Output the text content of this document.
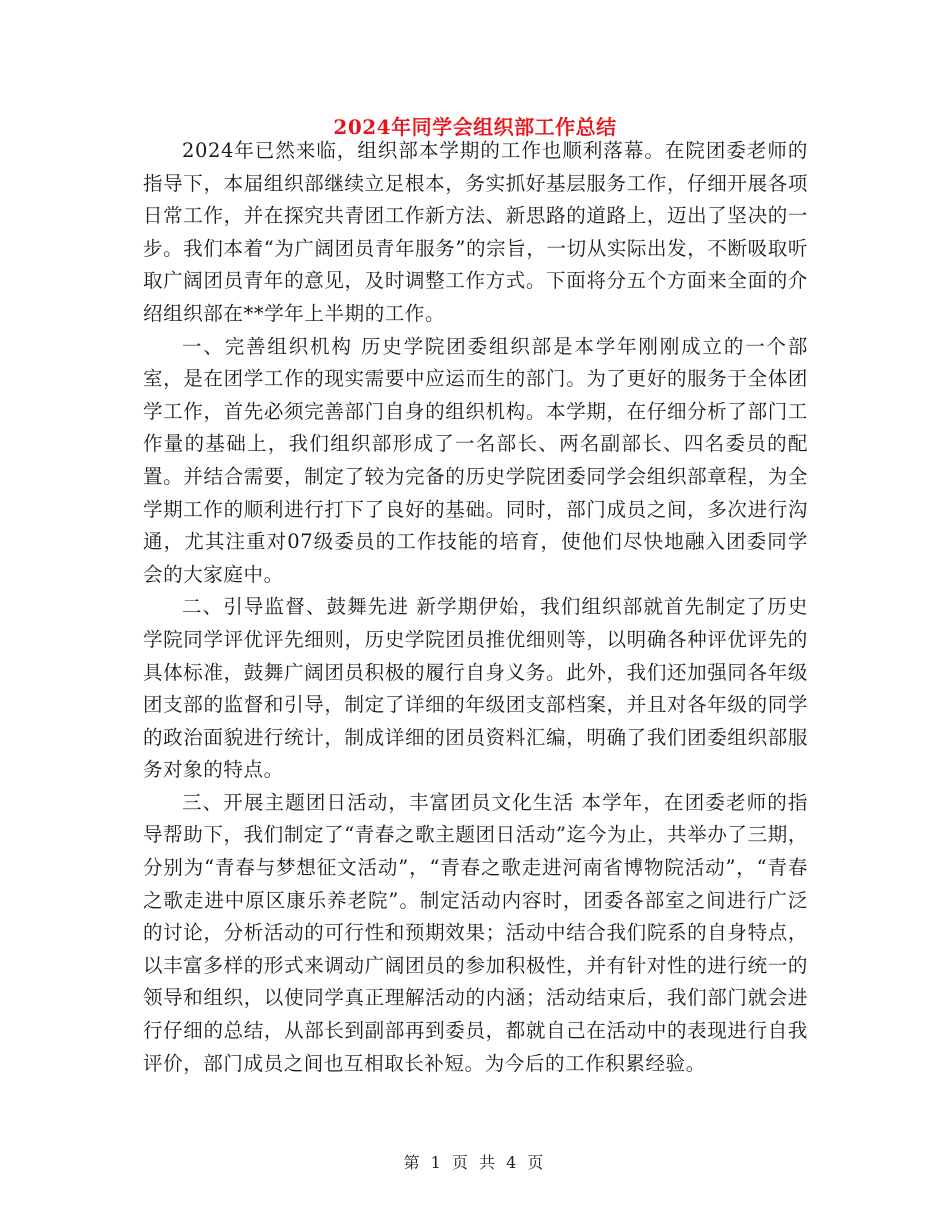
2024年同学会组织部工作总结

2024年已然来临，组织部本学期的工作也顺利落幕。在院团委老师的指导下，本届组织部继续立足根本，务实抓好基层服务工作，仔细开展各项日常工作，并在探究共青团工作新方法、新思路的道路上，迈出了坚决的一步。我们本着“为广阔团员青年服务”的宗旨，一切从实际出发，不断吸取听取广阔团员青年的意见，及时调整工作方式。下面将分五个方面来全面的介绍组织部在**学年上半期的工作。

一、完善组织机构 历史学院团委组织部是本学年刚刚成立的一个部室，是在团学工作的现实需要中应运而生的部门。为了更好的服务于全体团学工作，首先必须完善部门自身的组织机构。本学期，在仔细分析了部门工作量的基础上，我们组织部形成了一名部长、两名副部长、四名委员的配置。并结合需要，制定了较为完备的历史学院团委同学会组织部章程，为全学期工作的顺利进行打下了良好的基础。同时，部门成员之间，多次进行沟通，尤其注重对07级委员的工作技能的培育，使他们尽快地融入团委同学会的大家庭中。

二、引导监督、鼓舞先进 新学期伊始，我们组织部就首先制定了历史学院同学评优评先细则，历史学院团员推优细则等，以明确各种评优评先的具体标准，鼓舞广阔团员积极的履行自身义务。此外，我们还加强同各年级团支部的监督和引导，制定了详细的年级团支部档案，并且对各年级的同学的政治面貌进行统计，制成详细的团员资料汇编，明确了我们团委组织部服务对象的特点。

三、开展主题团日活动，丰富团员文化生活 本学年，在团委老师的指导帮助下，我们制定了“青春之歌主题团日活动”迄今为止，共举办了三期，分别为“青春与梦想征文活动”，“青春之歌走进河南省博物院活动”，“青春之歌走进中原区康乐养老院”。制定活动内容时，团委各部室之间进行广泛的讨论，分析活动的可行性和预期效果；活动中结合我们院系的自身特点，以丰富多样的形式来调动广阔团员的参加积极性，并有针对性的进行统一的领导和组织，以使同学真正理解活动的内涵；活动结束后，我们部门就会进行仔细的总结，从部长到副部再到委员，都就自己在活动中的表现进行自我评价，部门成员之间也互相取长补短。为今后的工作积累经验。

第 1 页 共 4 页
